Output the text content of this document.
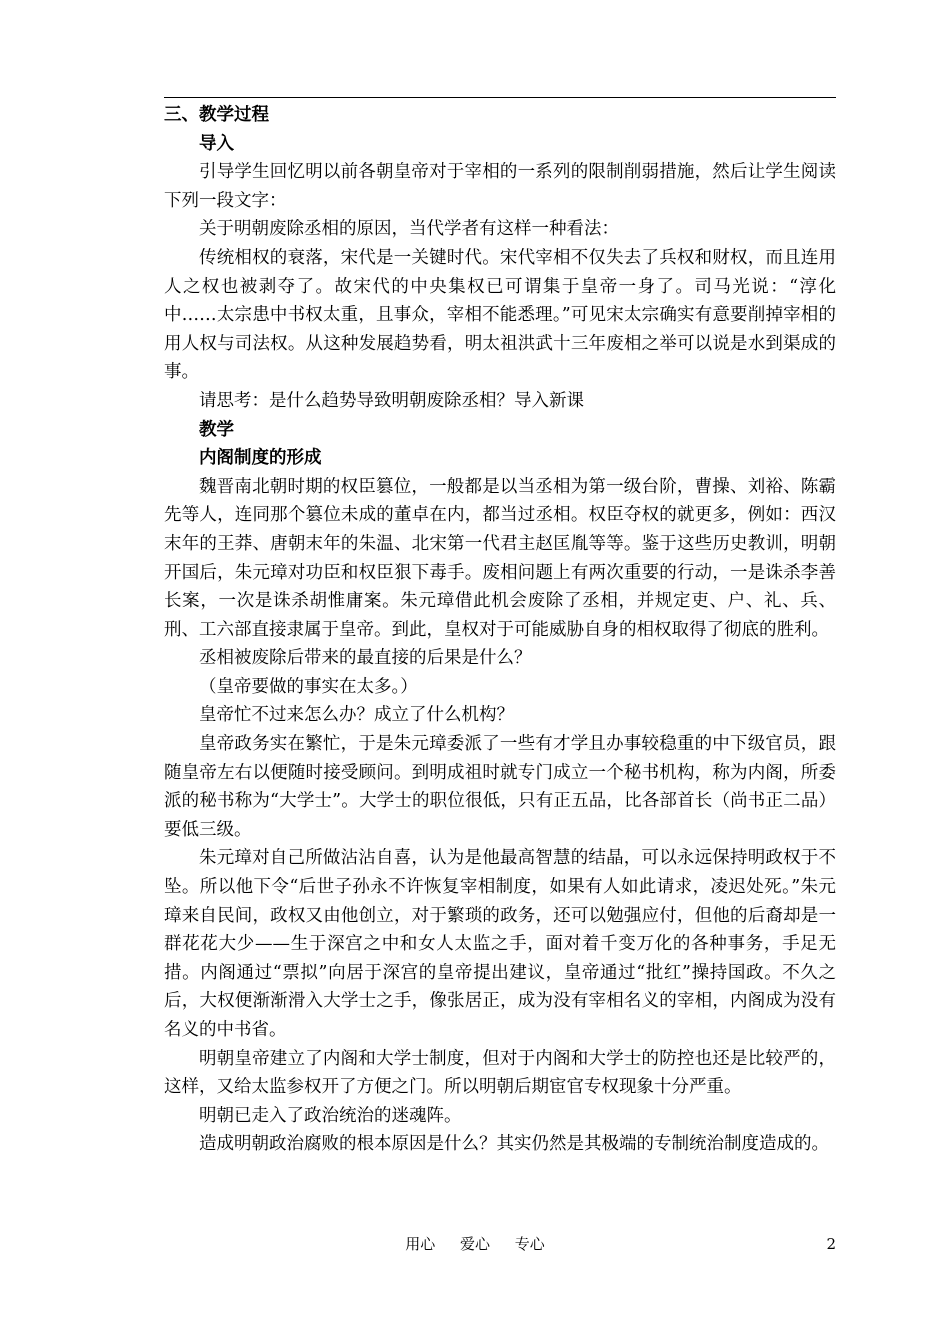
三、教学过程

导入

引导学生回忆明以前各朝皇帝对于宰相的一系列的限制削弱措施，然后让学生阅读下列一段文字：

关于明朝废除丞相的原因，当代学者有这样一种看法：

传统相权的衰落，宋代是一关键时代。宋代宰相不仅失去了兵权和财权，而且连用人之权也被剥夺了。故宋代的中央集权已可谓集于皇帝一身了。司马光说：“淳化中……太宗患中书权太重，且事众，宰相不能悉理。”可见宋太宗确实有意要削掉宰相的用人权与司法权。从这种发展趋势看，明太祖洪武十三年废相之举可以说是水到渠成的事。

请思考：是什么趋势导致明朝废除丞相？导入新课

教学

内阁制度的形成

魏晋南北朝时期的权臣篡位，一般都是以当丞相为第一级台阶，曹操、刘裕、陈霸先等人，连同那个篡位未成的董卓在内，都当过丞相。权臣夺权的就更多，例如：西汉末年的王莽、唐朝末年的朱温、北宋第一代君主赵匡胤等等。鉴于这些历史教训，明朝开国后，朱元璋对功臣和权臣狠下毒手。废相问题上有两次重要的行动，一是诛杀李善长案，一次是诛杀胡惟庸案。朱元璋借此机会废除了丞相，并规定吏、户、礼、兵、刑、工六部直接隶属于皇帝。到此，皇权对于可能威胁自身的相权取得了彻底的胜利。

丞相被废除后带来的最直接的后果是什么？

（皇帝要做的事实在太多。）

皇帝忙不过来怎么办？成立了什么机构？

皇帝政务实在繁忙，于是朱元璋委派了一些有才学且办事较稳重的中下级官员，跟随皇帝左右以便随时接受顾问。到明成祖时就专门成立一个秘书机构，称为内阁，所委派的秘书称为“大学士”。大学士的职位很低，只有正五品，比各部首长（尚书正二品）要低三级。

朱元璋对自己所做沾沾自喜，认为是他最高智慧的结晶，可以永远保持明政权于不坠。所以他下令“后世子孙永不许恢复宰相制度，如果有人如此请求，凌迟处死。”朱元璋来自民间，政权又由他创立，对于繁琐的政务，还可以勉强应付，但他的后裔却是一群花花大少——生于深宫之中和女人太监之手，面对着千变万化的各种事务，手足无措。内阁通过“票拟”向居于深宫的皇帝提出建议，皇帝通过“批红”操持国政。不久之后，大权便渐渐滑入大学士之手，像张居正，成为没有宰相名义的宰相，内阁成为没有名义的中书省。

明朝皇帝建立了内阁和大学士制度，但对于内阁和大学士的防控也还是比较严的，这样，又给太监参权开了方便之门。所以明朝后期宦官专权现象十分严重。

明朝已走入了政治统治的迷魂阵。

造成明朝政治腐败的根本原因是什么？其实仍然是其极端的专制统治制度造成的。

用心 爱心 专心	2
